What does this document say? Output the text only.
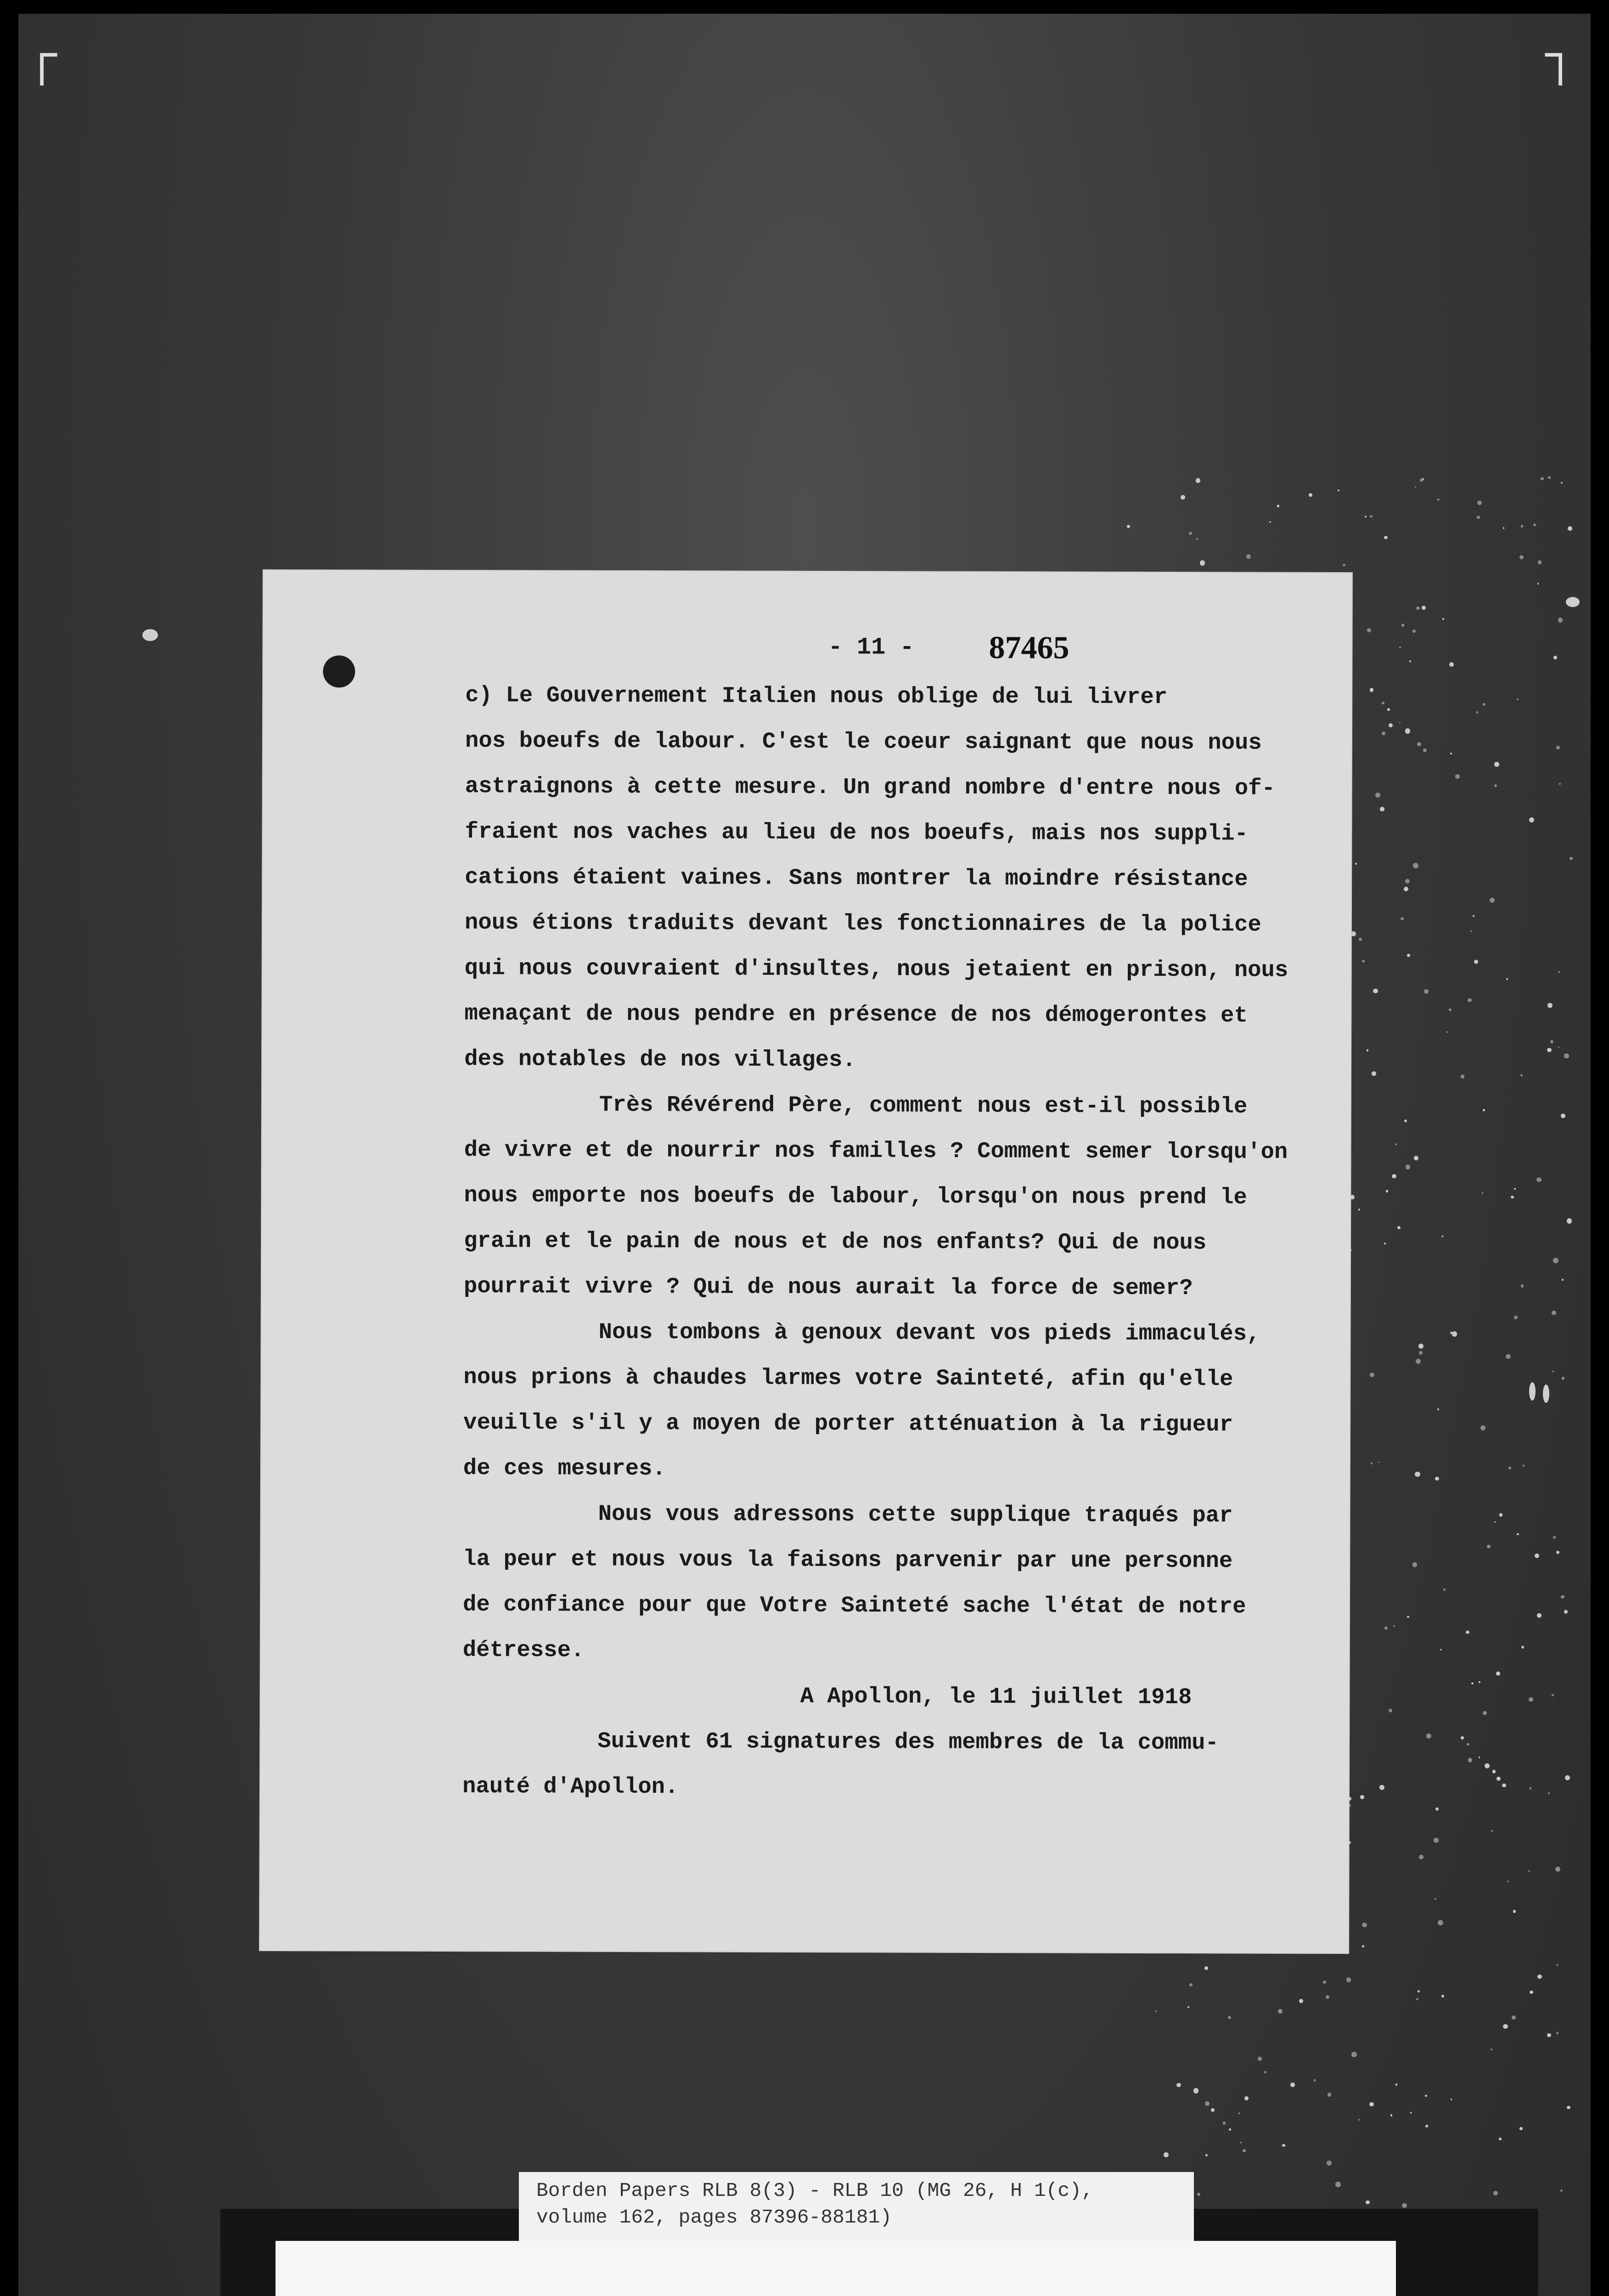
┌	┐
- 11 - 87465
c) Le Gouvernement Italien nous oblige de lui livrer
nos boeufs de labour. C'est le coeur saignant que nous nous
astraignons à cette mesure. Un grand nombre d'entre nous of-
fraient nos vaches au lieu de nos boeufs, mais nos suppli-
cations étaient vaines. Sans montrer la moindre résistance
nous étions traduits devant les fonctionnaires de la police
qui nous couvraient d'insultes, nous jetaient en prison, nous
menaçant de nous pendre en présence de nos démogerontes et
des notables de nos villages.
Très Révérend Père, comment nous est-il possible
de vivre et de nourrir nos familles ? Comment semer lorsqu'on
nous emporte nos boeufs de labour, lorsqu'on nous prend le
grain et le pain de nous et de nos enfants? Qui de nous
pourrait vivre ? Qui de nous aurait la force de semer?
Nous tombons à genoux devant vos pieds immaculés,
nous prions à chaudes larmes votre Sainteté, afin qu'elle
veuille s'il y a moyen de porter atténuation à la rigueur
de ces mesures.
Nous vous adressons cette supplique traqués par
la peur et nous vous la faisons parvenir par une personne
de confiance pour que Votre Sainteté sache l'état de notre
détresse.
A Apollon, le 11 juillet 1918
Suivent 61 signatures des membres de la commu-
nauté d'Apollon.
Borden Papers RLB 8(3) - RLB 10 (MG 26, H 1(c),
volume 162, pages 87396-88181)
